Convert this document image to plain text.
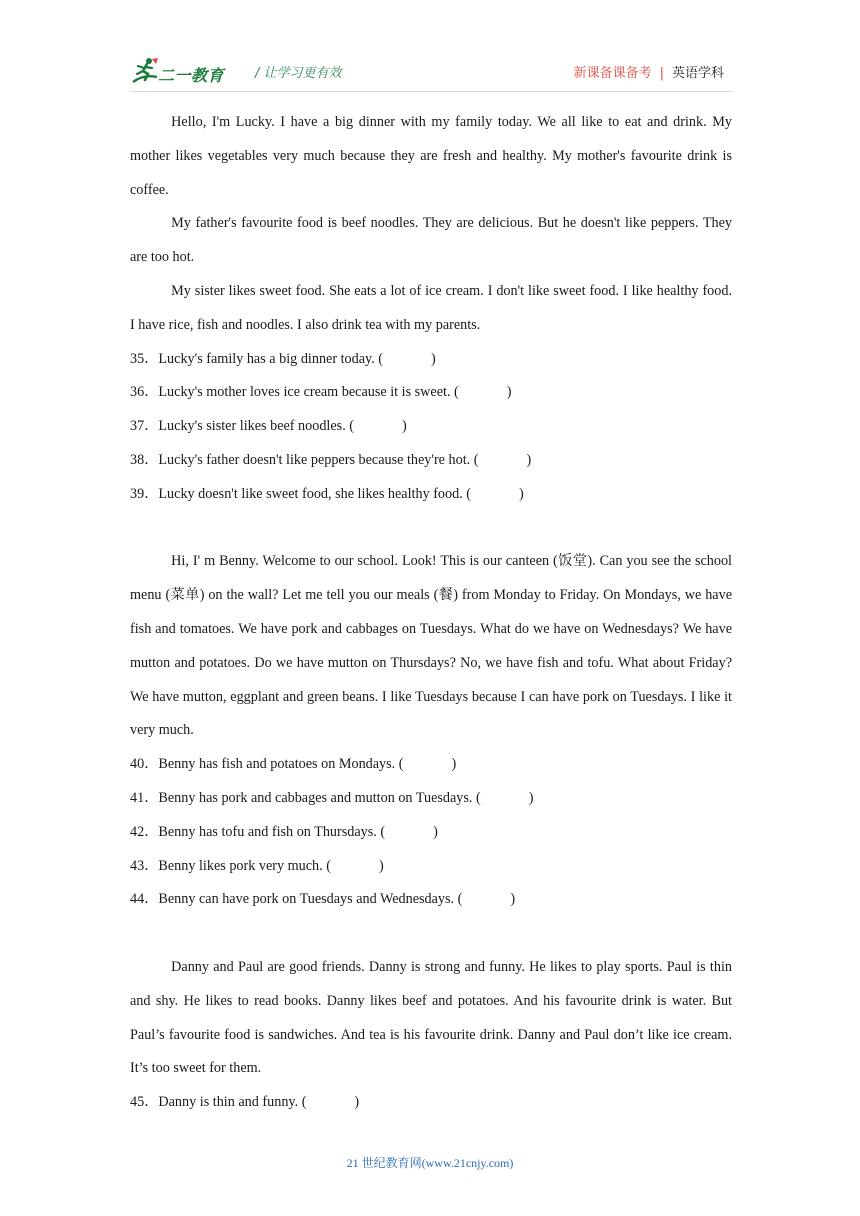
二一教育 / 让学习更有效	新课备课备考 | 英语学科

Hello, I'm Lucky. I have a big dinner with my family today. We all like to eat and drink. My mother likes vegetables very much because they are fresh and healthy. My mother's favourite drink is coffee.

My father's favourite food is beef noodles. They are delicious. But he doesn't like peppers. They are too hot.

My sister likes sweet food. She eats a lot of ice cream. I don't like sweet food. I like healthy food. I have rice, fish and noodles. I also drink tea with my parents.

35．Lucky's family has a big dinner today. (	)
36．Lucky's mother loves ice cream because it is sweet. (	)
37．Lucky's sister likes beef noodles. (	)
38．Lucky's father doesn't like peppers because they're hot. (	)
39．Lucky doesn't like sweet food, she likes healthy food. (	)

Hi, I' m Benny. Welcome to our school. Look! This is our canteen (饭堂). Can you see the school menu (菜单) on the wall? Let me tell you our meals (餐) from Monday to Friday. On Mondays, we have fish and tomatoes. We have pork and cabbages on Tuesdays. What do we have on Wednesdays? We have mutton and potatoes. Do we have mutton on Thursdays? No, we have fish and tofu. What about Friday? We have mutton, eggplant and green beans. I like Tuesdays because I can have pork on Tuesdays. I like it very much.

40．Benny has fish and potatoes on Mondays. (	)
41．Benny has pork and cabbages and mutton on Tuesdays. (	)
42．Benny has tofu and fish on Thursdays. (	)
43．Benny likes pork very much. (	)
44．Benny can have pork on Tuesdays and Wednesdays. (	)

Danny and Paul are good friends. Danny is strong and funny. He likes to play sports. Paul is thin and shy. He likes to read books. Danny likes beef and potatoes. And his favourite drink is water. But Paul’s favourite food is sandwiches. And tea is his favourite drink. Danny and Paul don’t like ice cream. It’s too sweet for them.

45．Danny is thin and funny. (	)
21 世纪教育网(www.21cnjy.com)
